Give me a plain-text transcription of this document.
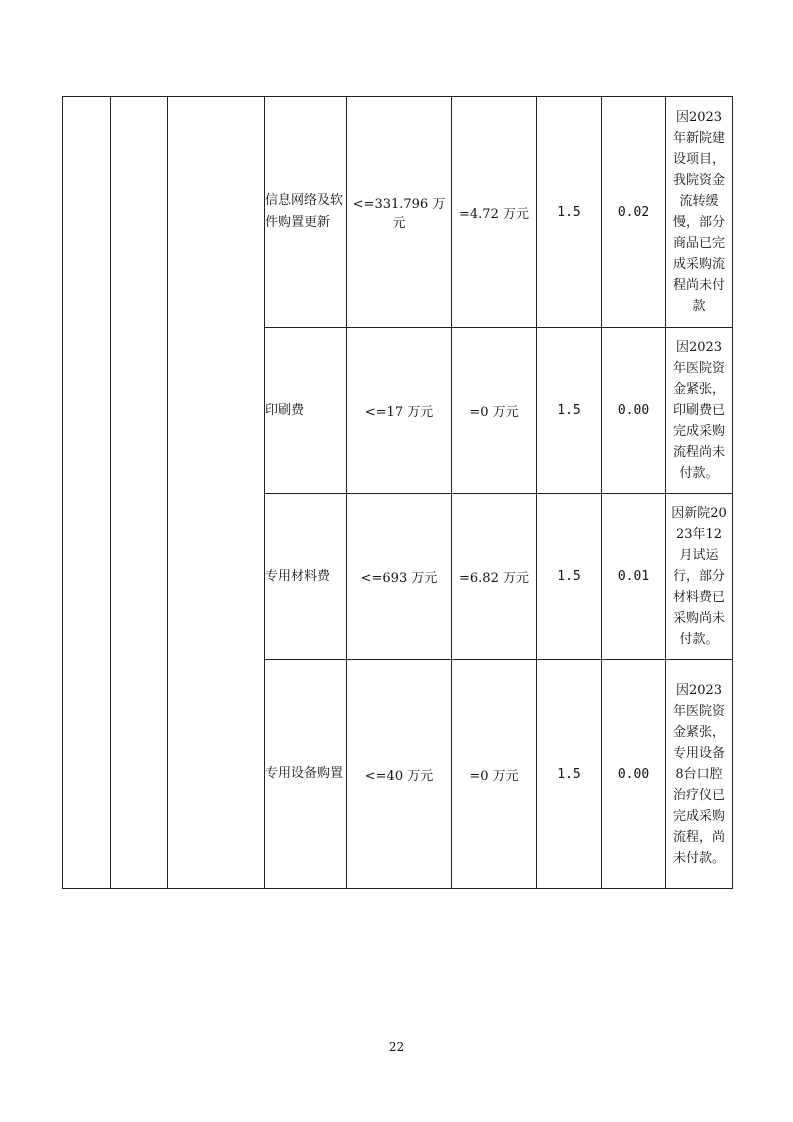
			信息网络及软件购置更新	<=331.796 万元	=4.72 万元	1.5	0.02	因2023年新院建设项目，我院资金流转缓慢，部分商品已完成采购流程尚未付款
			印刷费	<=17 万元	=0 万元	1.5	0.00	因2023年医院资金紧张，印刷费已完成采购流程尚未付款。
			专用材料费	<=693 万元	=6.82 万元	1.5	0.01	因新院2023年12月试运行，部分材料费已采购尚未付款。
			专用设备购置	<=40 万元	=0 万元	1.5	0.00	因2023年医院资金紧张，专用设备8台口腔治疗仪已完成采购流程，尚未付款。
22
